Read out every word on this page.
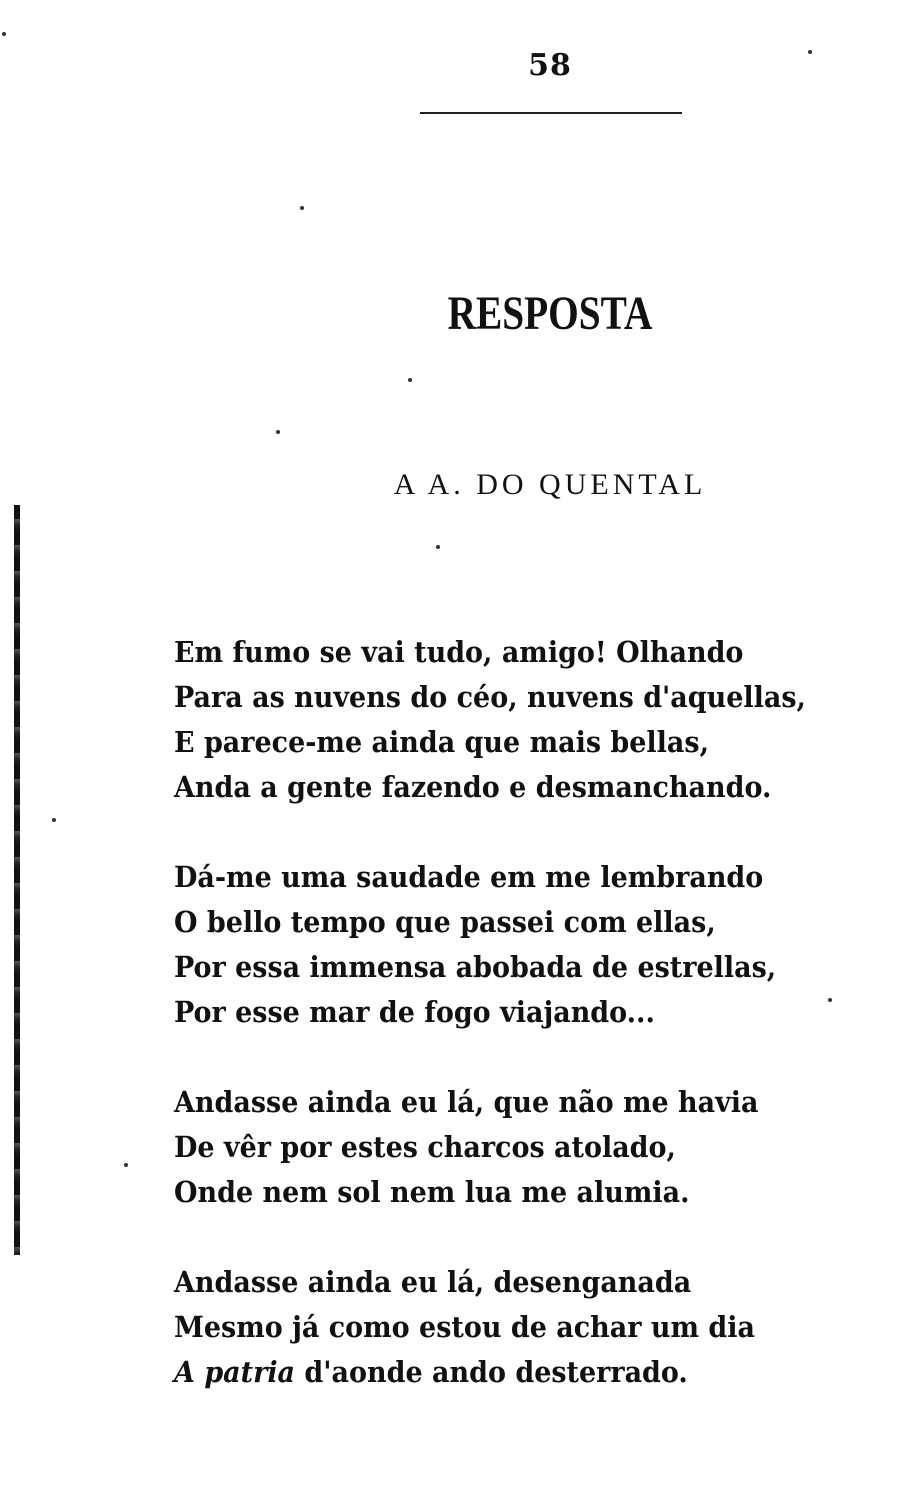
58
RESPOSTA
A A. DO QUENTAL
Em fumo se vai tudo, amigo! Olhando
Para as nuvens do céo, nuvens d'aquellas,
E parece-me ainda que mais bellas,
Anda a gente fazendo e desmanchando.
Dá-me uma saudade em me lembrando
O bello tempo que passei com ellas,
Por essa immensa abobada de estrellas,
Por esse mar de fogo viajando...
Andasse ainda eu lá, que não me havia
De vêr por estes charcos atolado,
Onde nem sol nem lua me alumia.
Andasse ainda eu lá, desenganada
Mesmo já como estou de achar um dia
A patria d'aonde ando desterrado.
